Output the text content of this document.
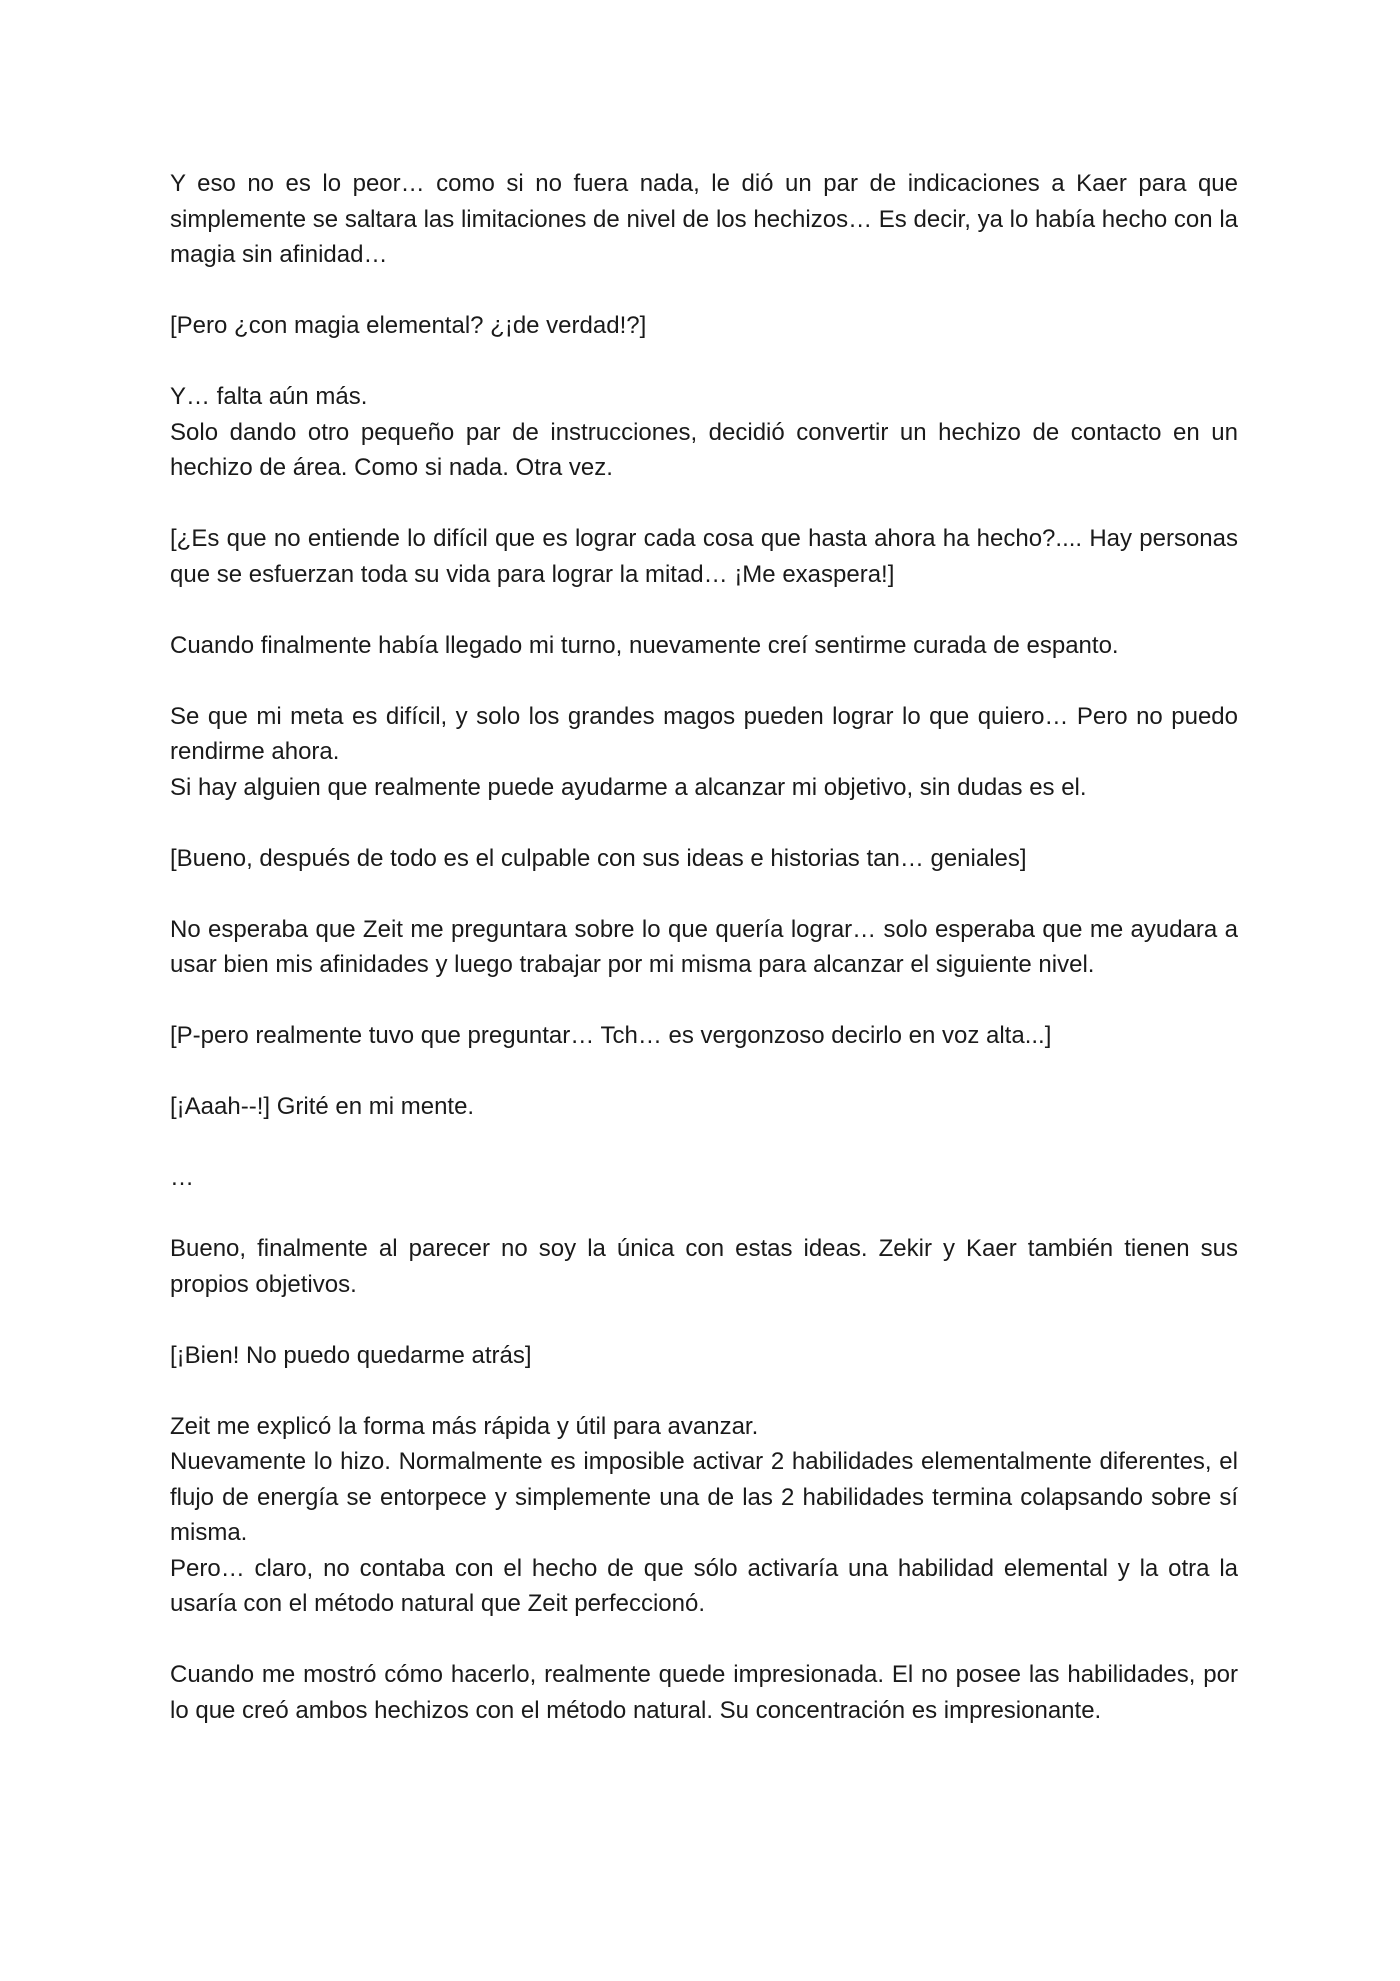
Y eso no es lo peor… como si no fuera nada, le dió un par de indicaciones a Kaer para que simplemente se saltara las limitaciones de nivel de los hechizos… Es decir, ya lo había hecho con la magia sin afinidad…
[Pero ¿con magia elemental? ¿¡de verdad!?]
Y… falta aún más.
Solo dando otro pequeño par de instrucciones, decidió convertir un hechizo de contacto en un hechizo de área. Como si nada. Otra vez.
[¿Es que no entiende lo difícil que es lograr cada cosa que hasta ahora ha hecho?.... Hay personas que se esfuerzan toda su vida para lograr la mitad… ¡Me exaspera!]
Cuando finalmente había llegado mi turno, nuevamente creí sentirme curada de espanto.
Se que mi meta es difícil, y solo los grandes magos pueden lograr lo que quiero… Pero no puedo rendirme ahora.
Si hay alguien que realmente puede ayudarme a alcanzar mi objetivo, sin dudas es el.
[Bueno, después de todo es el culpable con sus ideas e historias tan… geniales]
No esperaba que Zeit me preguntara sobre lo que quería lograr… solo esperaba que me ayudara a usar bien mis afinidades y luego trabajar por mi misma para alcanzar el siguiente nivel.
[P-pero realmente tuvo que preguntar… Tch… es vergonzoso decirlo en voz alta...]
[¡Aaah--!] Grité en mi mente.
…
Bueno, finalmente al parecer no soy la única con estas ideas. Zekir y Kaer también tienen sus propios objetivos.
[¡Bien! No puedo quedarme atrás]
Zeit me explicó la forma más rápida y útil para avanzar.
Nuevamente lo hizo. Normalmente es imposible activar 2 habilidades elementalmente diferentes, el flujo de energía se entorpece y simplemente una de las 2 habilidades termina colapsando sobre sí misma.
Pero… claro, no contaba con el hecho de que sólo activaría una habilidad elemental y la otra la usaría con el método natural que Zeit perfeccionó.
Cuando me mostró cómo hacerlo, realmente quede impresionada. El no posee las habilidades, por lo que creó ambos hechizos con el método natural. Su concentración es impresionante.
